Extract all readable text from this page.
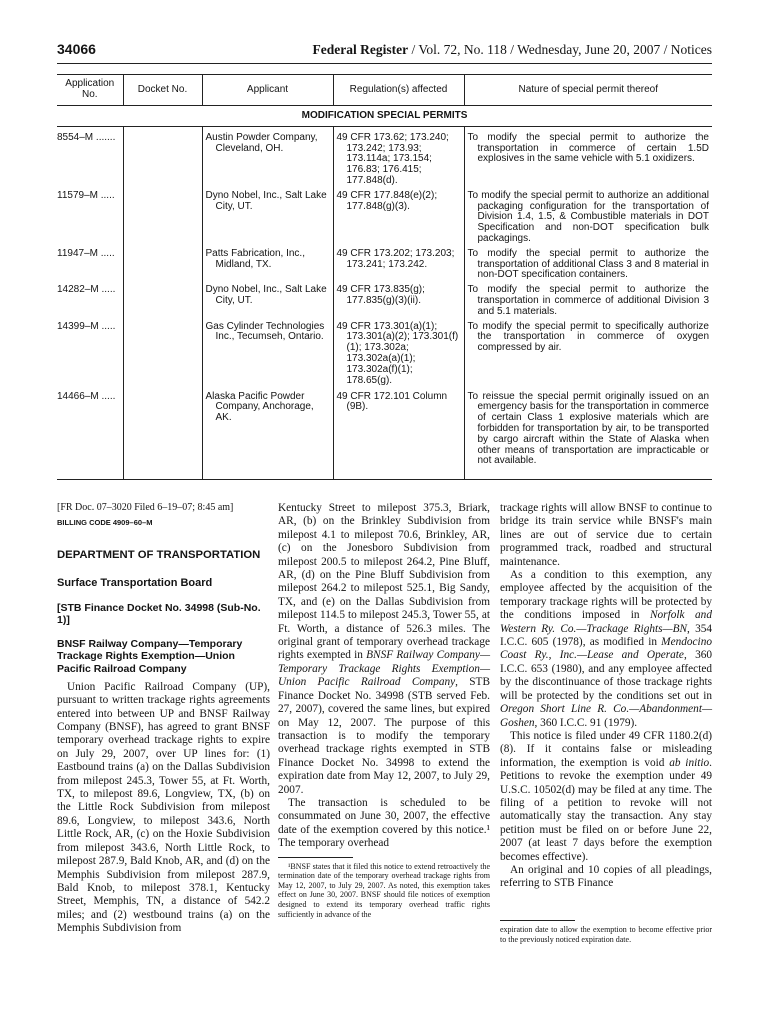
34066	Federal Register / Vol. 72, No. 118 / Wednesday, June 20, 2007 / Notices
Application No.	Docket No.	Applicant	Regulation(s) affected	Nature of special permit thereof
MODIFICATION SPECIAL PERMITS				
8554–M .......		Austin Powder Company, Cleveland, OH.	49 CFR 173.62; 173.240; 173.242; 173.93; 173.114a; 173.154; 176.83; 176.415; 177.848(d).	To modify the special permit to authorize the transportation in commerce of certain 1.5D explosives in the same vehicle with 5.1 oxidizers.

11579–M .....		Dyno Nobel, Inc., Salt Lake City, UT.	49 CFR 177.848(e)(2); 177.848(g)(3).	To modify the special permit to authorize an additional packaging configuration for the transportation of Division 1.4, 1.5, & Combustible materials in DOT Specification and non-DOT specification bulk packagings.

11947–M .....		Patts Fabrication, Inc., Midland, TX.	49 CFR 173.202; 173.203; 173.241; 173.242.	To modify the special permit to authorize the transportation of additional Class 3 and 8 material in non-DOT specification containers.

14282–M .....		Dyno Nobel, Inc., Salt Lake City, UT.	49 CFR 173.835(g); 177.835(g)(3)(ii).	To modify the special permit to authorize the transportation in commerce of additional Division 3 and 5.1 materials.

14399–M .....		Gas Cylinder Technologies Inc., Tecumseh, Ontario.	49 CFR 173.301(a)(1); 173.301(a)(2); 173.301(f)(1); 173.302a; 173.302a(a)(1); 173.302a(f)(1); 178.65(g).	To modify the special permit to specifically authorize the transportation in commerce of oxygen compressed by air.

14466–M .....		Alaska Pacific Powder Company, Anchorage, AK.	49 CFR 172.101 Column (9B).	To reissue the special permit originally issued on an emergency basis for the transportation in commerce of certain Class 1 explosive materials which are forbidden for transportation by air, to be transported by cargo aircraft within the State of Alaska when other means of transportation are impracticable or not available.

[FR Doc. 07–3020 Filed 6–19–07; 8:45 am]

BILLING CODE 4909–60–M

DEPARTMENT OF TRANSPORTATION

Surface Transportation Board

[STB Finance Docket No. 34998 (Sub-No. 1)]

BNSF Railway Company—Temporary Trackage Rights Exemption—Union Pacific Railroad Company

Union Pacific Railroad Company (UP), pursuant to written trackage rights agreements entered into between UP and BNSF Railway Company (BNSF), has agreed to grant BNSF temporary overhead trackage rights to expire on July 29, 2007, over UP lines for: (1) Eastbound trains (a) on the Dallas Subdivision from milepost 245.3, Tower 55, at Ft. Worth, TX, to milepost 89.6, Longview, TX, (b) on the Little Rock Subdivision from milepost 89.6, Longview, to milepost 343.6, North Little Rock, AR, (c) on the Hoxie Subdivision from milepost 343.6, North Little Rock, to milepost 287.9, Bald Knob, AR, and (d) on the Memphis Subdivision from milepost 287.9, Bald Knob, to milepost 378.1, Kentucky Street, Memphis, TN, a distance of 542.2 miles; and (2) westbound trains (a) on the Memphis Subdivision from

Kentucky Street to milepost 375.3, Briark, AR, (b) on the Brinkley Subdivision from milepost 4.1 to milepost 70.6, Brinkley, AR, (c) on the Jonesboro Subdivision from milepost 200.5 to milepost 264.2, Pine Bluff, AR, (d) on the Pine Bluff Subdivision from milepost 264.2 to milepost 525.1, Big Sandy, TX, and (e) on the Dallas Subdivision from milepost 114.5 to milepost 245.3, Tower 55, at Ft. Worth, a distance of 526.3 miles. The original grant of temporary overhead trackage rights exempted in BNSF Railway Company—Temporary Trackage Rights Exemption—Union Pacific Railroad Company, STB Finance Docket No. 34998 (STB served Feb. 27, 2007), covered the same lines, but expired on May 12, 2007. The purpose of this transaction is to modify the temporary overhead trackage rights exempted in STB Finance Docket No. 34998 to extend the expiration date from May 12, 2007, to July 29, 2007.

The transaction is scheduled to be consummated on June 30, 2007, the effective date of the exemption covered by this notice.¹ The temporary overhead

¹BNSF states that it filed this notice to extend retroactively the termination date of the temporary overhead trackage rights from May 12, 2007, to July 29, 2007. As noted, this exemption takes effect on June 30, 2007. BNSF should file notices of exemption designed to extend its temporary overhead traffic rights sufficiently in advance of the

trackage rights will allow BNSF to continue to bridge its train service while BNSF's main lines are out of service due to certain programmed track, roadbed and structural maintenance.

As a condition to this exemption, any employee affected by the acquisition of the temporary trackage rights will be protected by the conditions imposed in Norfolk and Western Ry. Co.—Trackage Rights—BN, 354 I.C.C. 605 (1978), as modified in Mendocino Coast Ry., Inc.—Lease and Operate, 360 I.C.C. 653 (1980), and any employee affected by the discontinuance of those trackage rights will be protected by the conditions set out in Oregon Short Line R. Co.—Abandonment—Goshen, 360 I.C.C. 91 (1979).

This notice is filed under 49 CFR 1180.2(d)(8). If it contains false or misleading information, the exemption is void ab initio. Petitions to revoke the exemption under 49 U.S.C. 10502(d) may be filed at any time. The filing of a petition to revoke will not automatically stay the transaction. Any stay petition must be filed on or before June 22, 2007 (at least 7 days before the exemption becomes effective).

An original and 10 copies of all pleadings, referring to STB Finance

expiration date to allow the exemption to become effective prior to the previously noticed expiration date.
